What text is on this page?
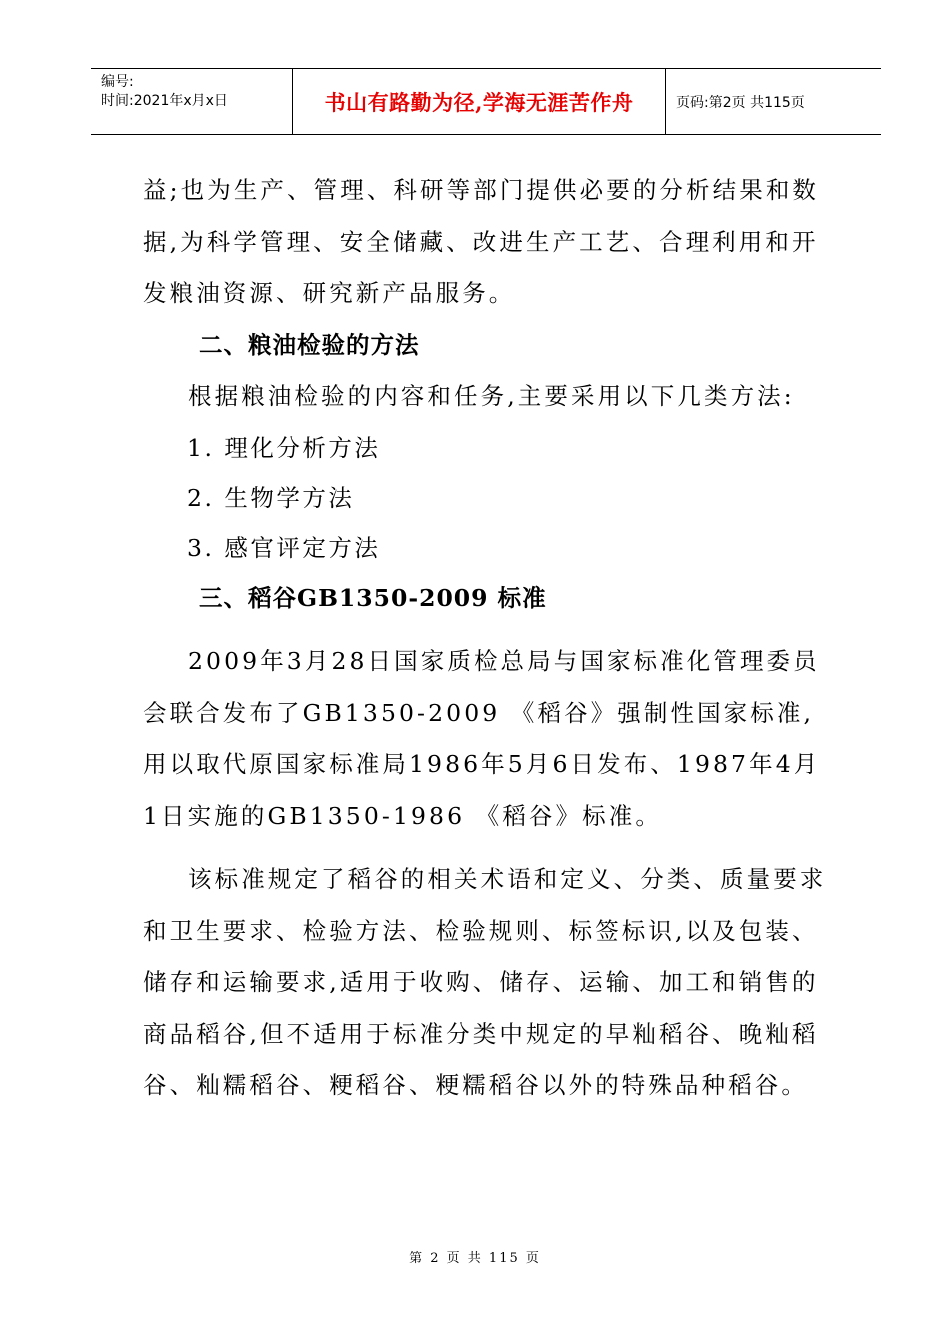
编号:
时间:2021年x月x日	书山有路勤为径,学海无涯苦作舟	页码:第2页 共115页

益;也为生产、管理、科研等部门提供必要的分析结果和数据,为科学管理、安全储藏、改进生产工艺、合理利用和开发粮油资源、研究新产品服务。

二、粮油检验的方法

根据粮油检验的内容和任务,主要采用以下几类方法:

1. 理化分析方法

2. 生物学方法

3. 感官评定方法

三、稻谷GB1350-2009 标准

2009年3月28日国家质检总局与国家标准化管理委员会联合发布了GB1350-2009 《稻谷》强制性国家标准,用以取代原国家标准局1986年5月6日发布、1987年4月1日实施的GB1350-1986 《稻谷》标准。

该标准规定了稻谷的相关术语和定义、分类、质量要求和卫生要求、检验方法、检验规则、标签标识,以及包装、储存和运输要求,适用于收购、储存、运输、加工和销售的商品稻谷,但不适用于标准分类中规定的早籼稻谷、晚籼稻谷、籼糯稻谷、粳稻谷、粳糯稻谷以外的特殊品种稻谷。

第 2 页 共 115 页
